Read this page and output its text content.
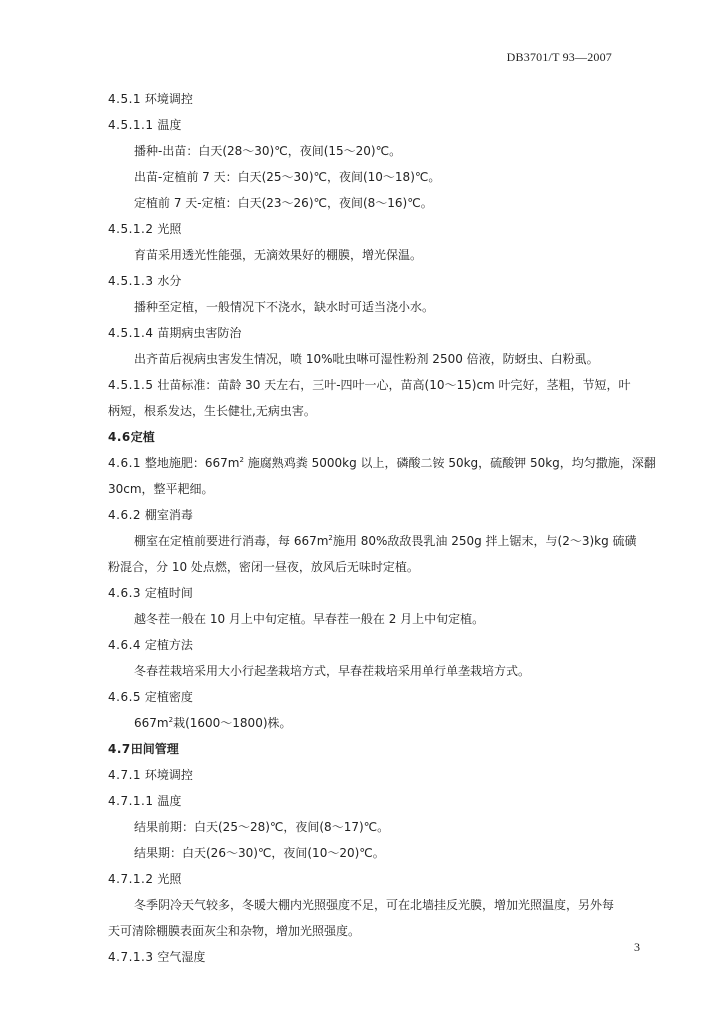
DB3701/T 93—2007
4.5.1 环境调控
4.5.1.1 温度
播种-出苗：白天(28～30)℃，夜间(15～20)℃。
出苗-定植前 7 天：白天(25～30)℃，夜间(10～18)℃。
定植前 7 天-定植：白天(23～26)℃，夜间(8～16)℃。
4.5.1.2 光照
育苗采用透光性能强，无滴效果好的棚膜，增光保温。
4.5.1.3 水分
播种至定植，一般情况下不浇水，缺水时可适当浇小水。
4.5.1.4 苗期病虫害防治
出齐苗后视病虫害发生情况，喷 10%吡虫啉可湿性粉剂 2500 倍液，防蚜虫、白粉虱。
4.5.1.5 壮苗标准：苗龄 30 天左右，三叶-四叶一心，苗高(10～15)cm 叶完好，茎粗，节短，叶
柄短，根系发达，生长健壮,无病虫害。
4.6定植
4.6.1 整地施肥：$667m^2$ 施腐熟鸡粪 5000kg 以上，磷酸二铵 50kg，硫酸钾 50kg，均匀撒施，深翻
30cm，整平耙细。
4.6.2 棚室消毒
棚室在定植前要进行消毒，每 $667m^2$施用 80%敌敌畏乳油 250g 拌上锯末，与(2～3)kg 硫磺
粉混合，分 10 处点燃，密闭一昼夜，放风后无味时定植。
4.6.3 定植时间
越冬茬一般在 10 月上中旬定植。早春茬一般在 2 月上中旬定植。
4.6.4 定植方法
冬春茬栽培采用大小行起垄栽培方式，早春茬栽培采用单行单垄栽培方式。
4.6.5 定植密度
$667m^2$栽(1600～1800)株。
4.7田间管理
4.7.1 环境调控
4.7.1.1 温度
结果前期：白天(25～28)℃，夜间(8～17)℃。
结果期：白天(26～30)℃，夜间(10～20)℃。
4.7.1.2 光照
冬季阴冷天气较多，冬暖大棚内光照强度不足，可在北墙挂反光膜，增加光照温度，另外每
天可清除棚膜表面灰尘和杂物，增加光照强度。
4.7.1.3 空气湿度
3
